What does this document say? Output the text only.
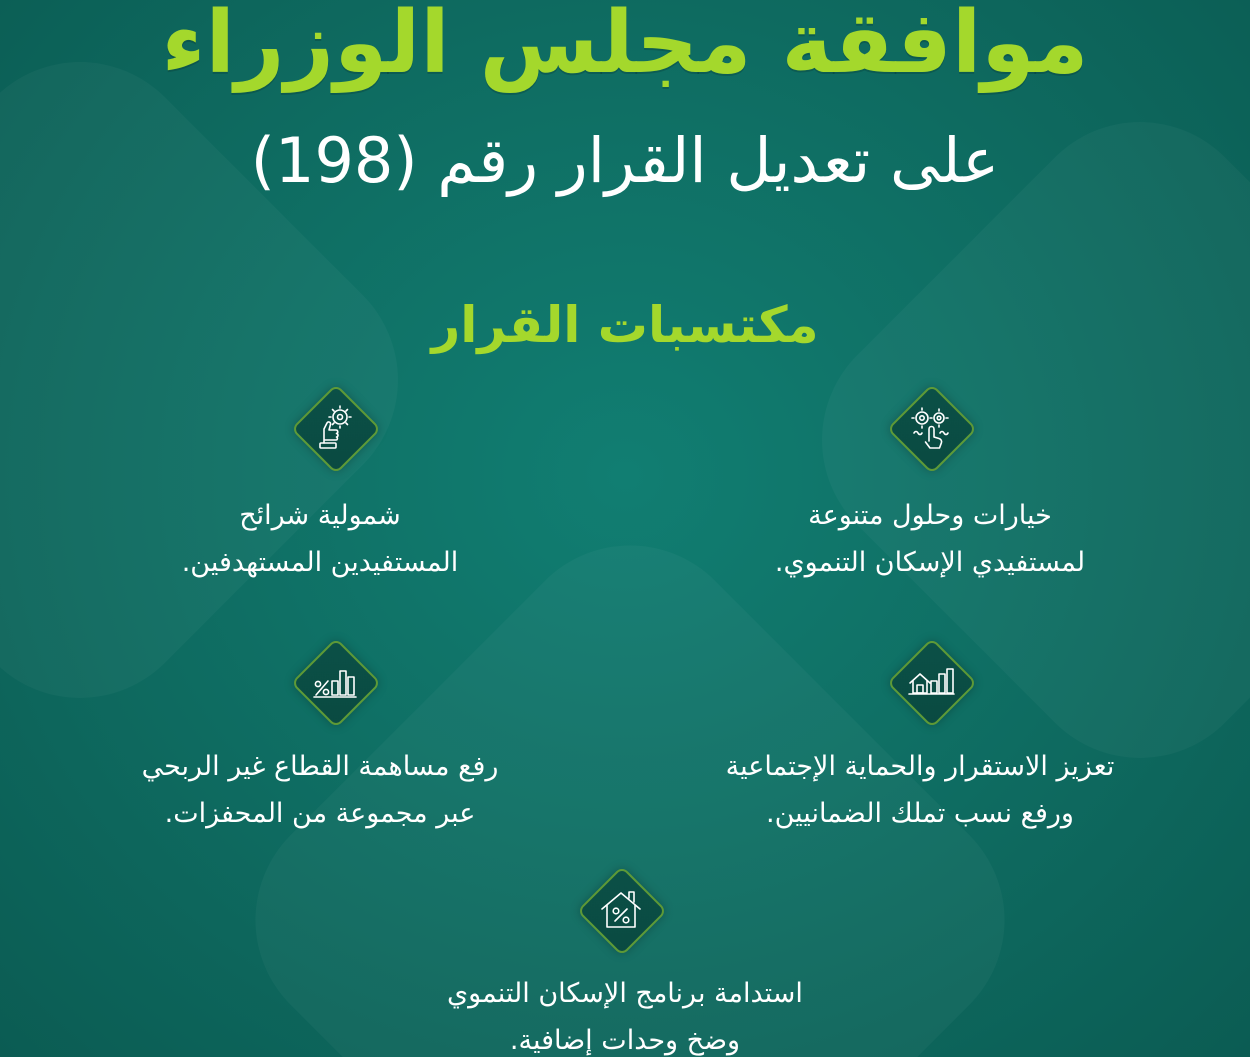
موافقة مجلس الوزراء
على تعديل القرار رقم (198)
مكتسبات القرار
خيارات وحلول متنوعة
لمستفيدي الإسكان التنموي.
شمولية شرائح
المستفيدين المستهدفين.
تعزيز الاستقرار والحماية الإجتماعية
ورفع نسب تملك الضمانيين.
رفع مساهمة القطاع غير الربحي
عبر مجموعة من المحفزات.
استدامة برنامج الإسكان التنموي
وضخ وحدات إضافية.
